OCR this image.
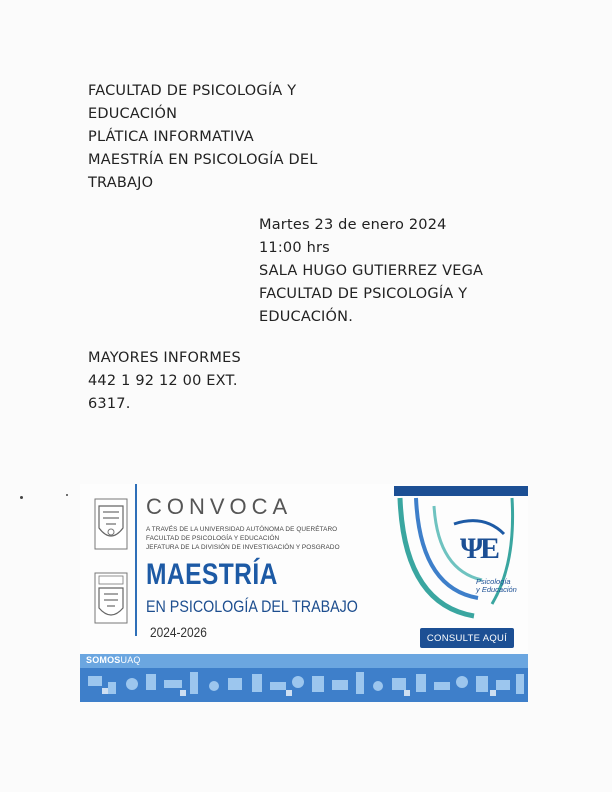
FACULTAD DE PSICOLOGÍA Y
EDUCACIÓN
PLÁTICA INFORMATIVA
MAESTRÍA EN PSICOLOGÍA DEL
TRABAJO
Martes 23 de enero 2024
11:00 hrs
SALA HUGO GUTIERREZ VEGA
FACULTAD DE PSICOLOGÍA Y
EDUCACIÓN.
MAYORES INFORMES
442 1 92 12 00 EXT.
6317.
CONVOCA
A TRAVÉS DE LA UNIVERSIDAD AUTÓNOMA DE QUERÉTARO
FACULTAD DE PSICOLOGÍA Y EDUCACIÓN
JEFATURA DE LA DIVISIÓN DE INVESTIGACIÓN Y POSGRADO
MAESTRÍA
EN PSICOLOGÍA DEL TRABAJO
2024-2026
Ψ
E
Psicología
y Educación
CONSULTE AQUÍ
SOMOSUAQ
